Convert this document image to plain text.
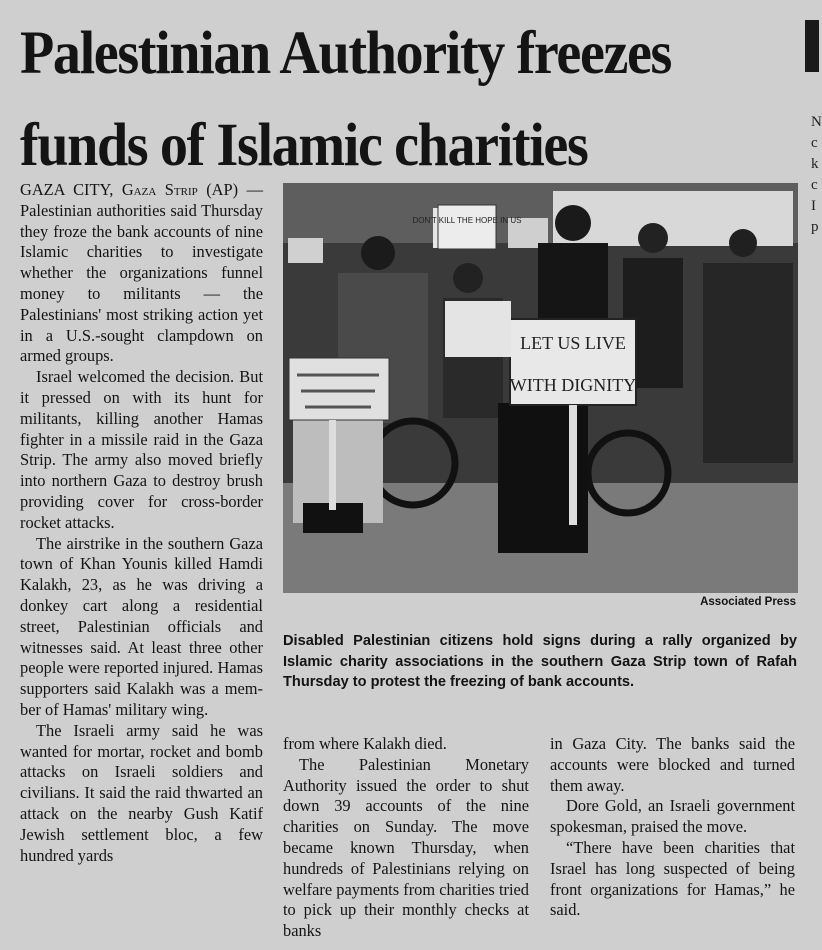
Palestinian Authority freezes
funds of Islamic charities	N
c
k
c
I
p

GAZA CITY, Gaza Strip (AP) — Palestinian authorities said Thursday they froze the bank accounts of nine Islamic charities to investigate whether the organizations funnel money to militants — the Palestinians' most striking action yet in a U.S.-sought clampdown on armed groups.

Israel welcomed the decision. But it pressed on with its hunt for militants, killing another Hamas fighter in a missile raid in the Gaza Strip. The army also moved briefly into northern Gaza to destroy brush providing cover for cross-border rocket attacks.

The airstrike in the southern Gaza town of Khan Younis killed Hamdi Kalakh, 23, as he was driving a donkey cart along a residential street, Palestinian officials and witnesses said. At least three other people were reported injured. Hamas supporters said Kalakh was a member of Hamas' military wing.

The Israeli army said he was wanted for mortar, rocket and bomb attacks on Israeli soldiers and civilians. It said the raid thwarted an attack on the nearby Gush Katif Jewish settlement bloc, a few hundred yards

LET US LIVE
WITH DIGNITY
DON'T KILL THE HOPE IN US
Associated Press
Disabled Palestinian citizens hold signs during a rally organized by Islamic charity associations in the southern Gaza Strip town of Rafah Thursday to protest the freezing of bank accounts.

from where Kalakh died.

The Palestinian Monetary Authority issued the order to shut down 39 accounts of the nine charities on Sunday. The move became known Thursday, when hundreds of Palestinians relying on welfare payments from charities tried to pick up their monthly checks at banks

in Gaza City. The banks said the accounts were blocked and turned them away.

Dore Gold, an Israeli government spokesman, praised the move.

“There have been charities that Israel has long suspected of being front organizations for Hamas,” he said.
